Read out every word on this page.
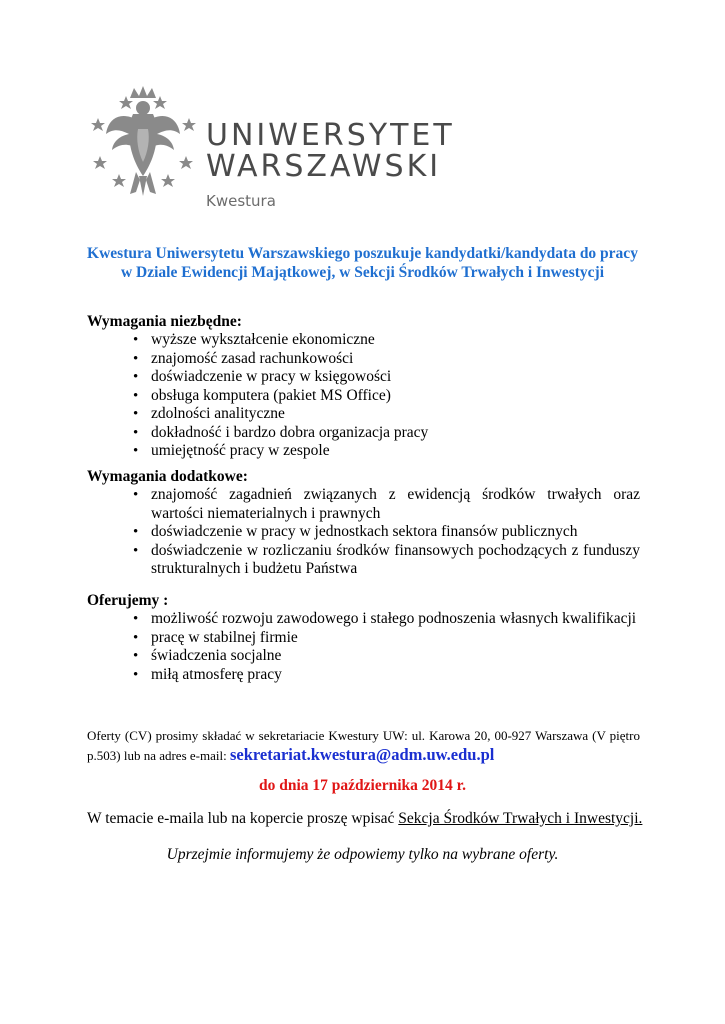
UNIWERSYTET
WARSZAWSKI
Kwestura
Kwestura Uniwersytetu Warszawskiego poszukuje kandydatki/kandydata do pracy
w Dziale Ewidencji Majątkowej, w Sekcji Środków Trwałych i Inwestycji

Wymagania niezbędne:

• wyższe wykształcenie ekonomiczne
• znajomość zasad rachunkowości
• doświadczenie w pracy w księgowości
• obsługa komputera (pakiet MS Office)
• zdolności analityczne
• dokładność i bardzo dobra organizacja pracy
• umiejętność pracy w zespole

Wymagania dodatkowe:

• znajomość zagadnień związanych z ewidencją środków trwałych oraz wartości niematerialnych i prawnych
• doświadczenie w pracy w jednostkach sektora finansów publicznych
• doświadczenie w rozliczaniu środków finansowych pochodzących z funduszy strukturalnych i budżetu Państwa

Oferujemy :

• możliwość rozwoju zawodowego i stałego podnoszenia własnych kwalifikacji
• pracę w stabilnej firmie
• świadczenia socjalne
• miłą atmosferę pracy
Oferty (CV) prosimy składać w sekretariacie Kwestury UW: ul. Karowa 20, 00-927 Warszawa (V piętro p.503) lub na adres e-mail: sekretariat.kwestura@adm.uw.edu.pl
do dnia 17 października 2014 r.
W temacie e-maila lub na kopercie proszę wpisać Sekcja Środków Trwałych i Inwestycji.
Uprzejmie informujemy że odpowiemy tylko na wybrane oferty.
